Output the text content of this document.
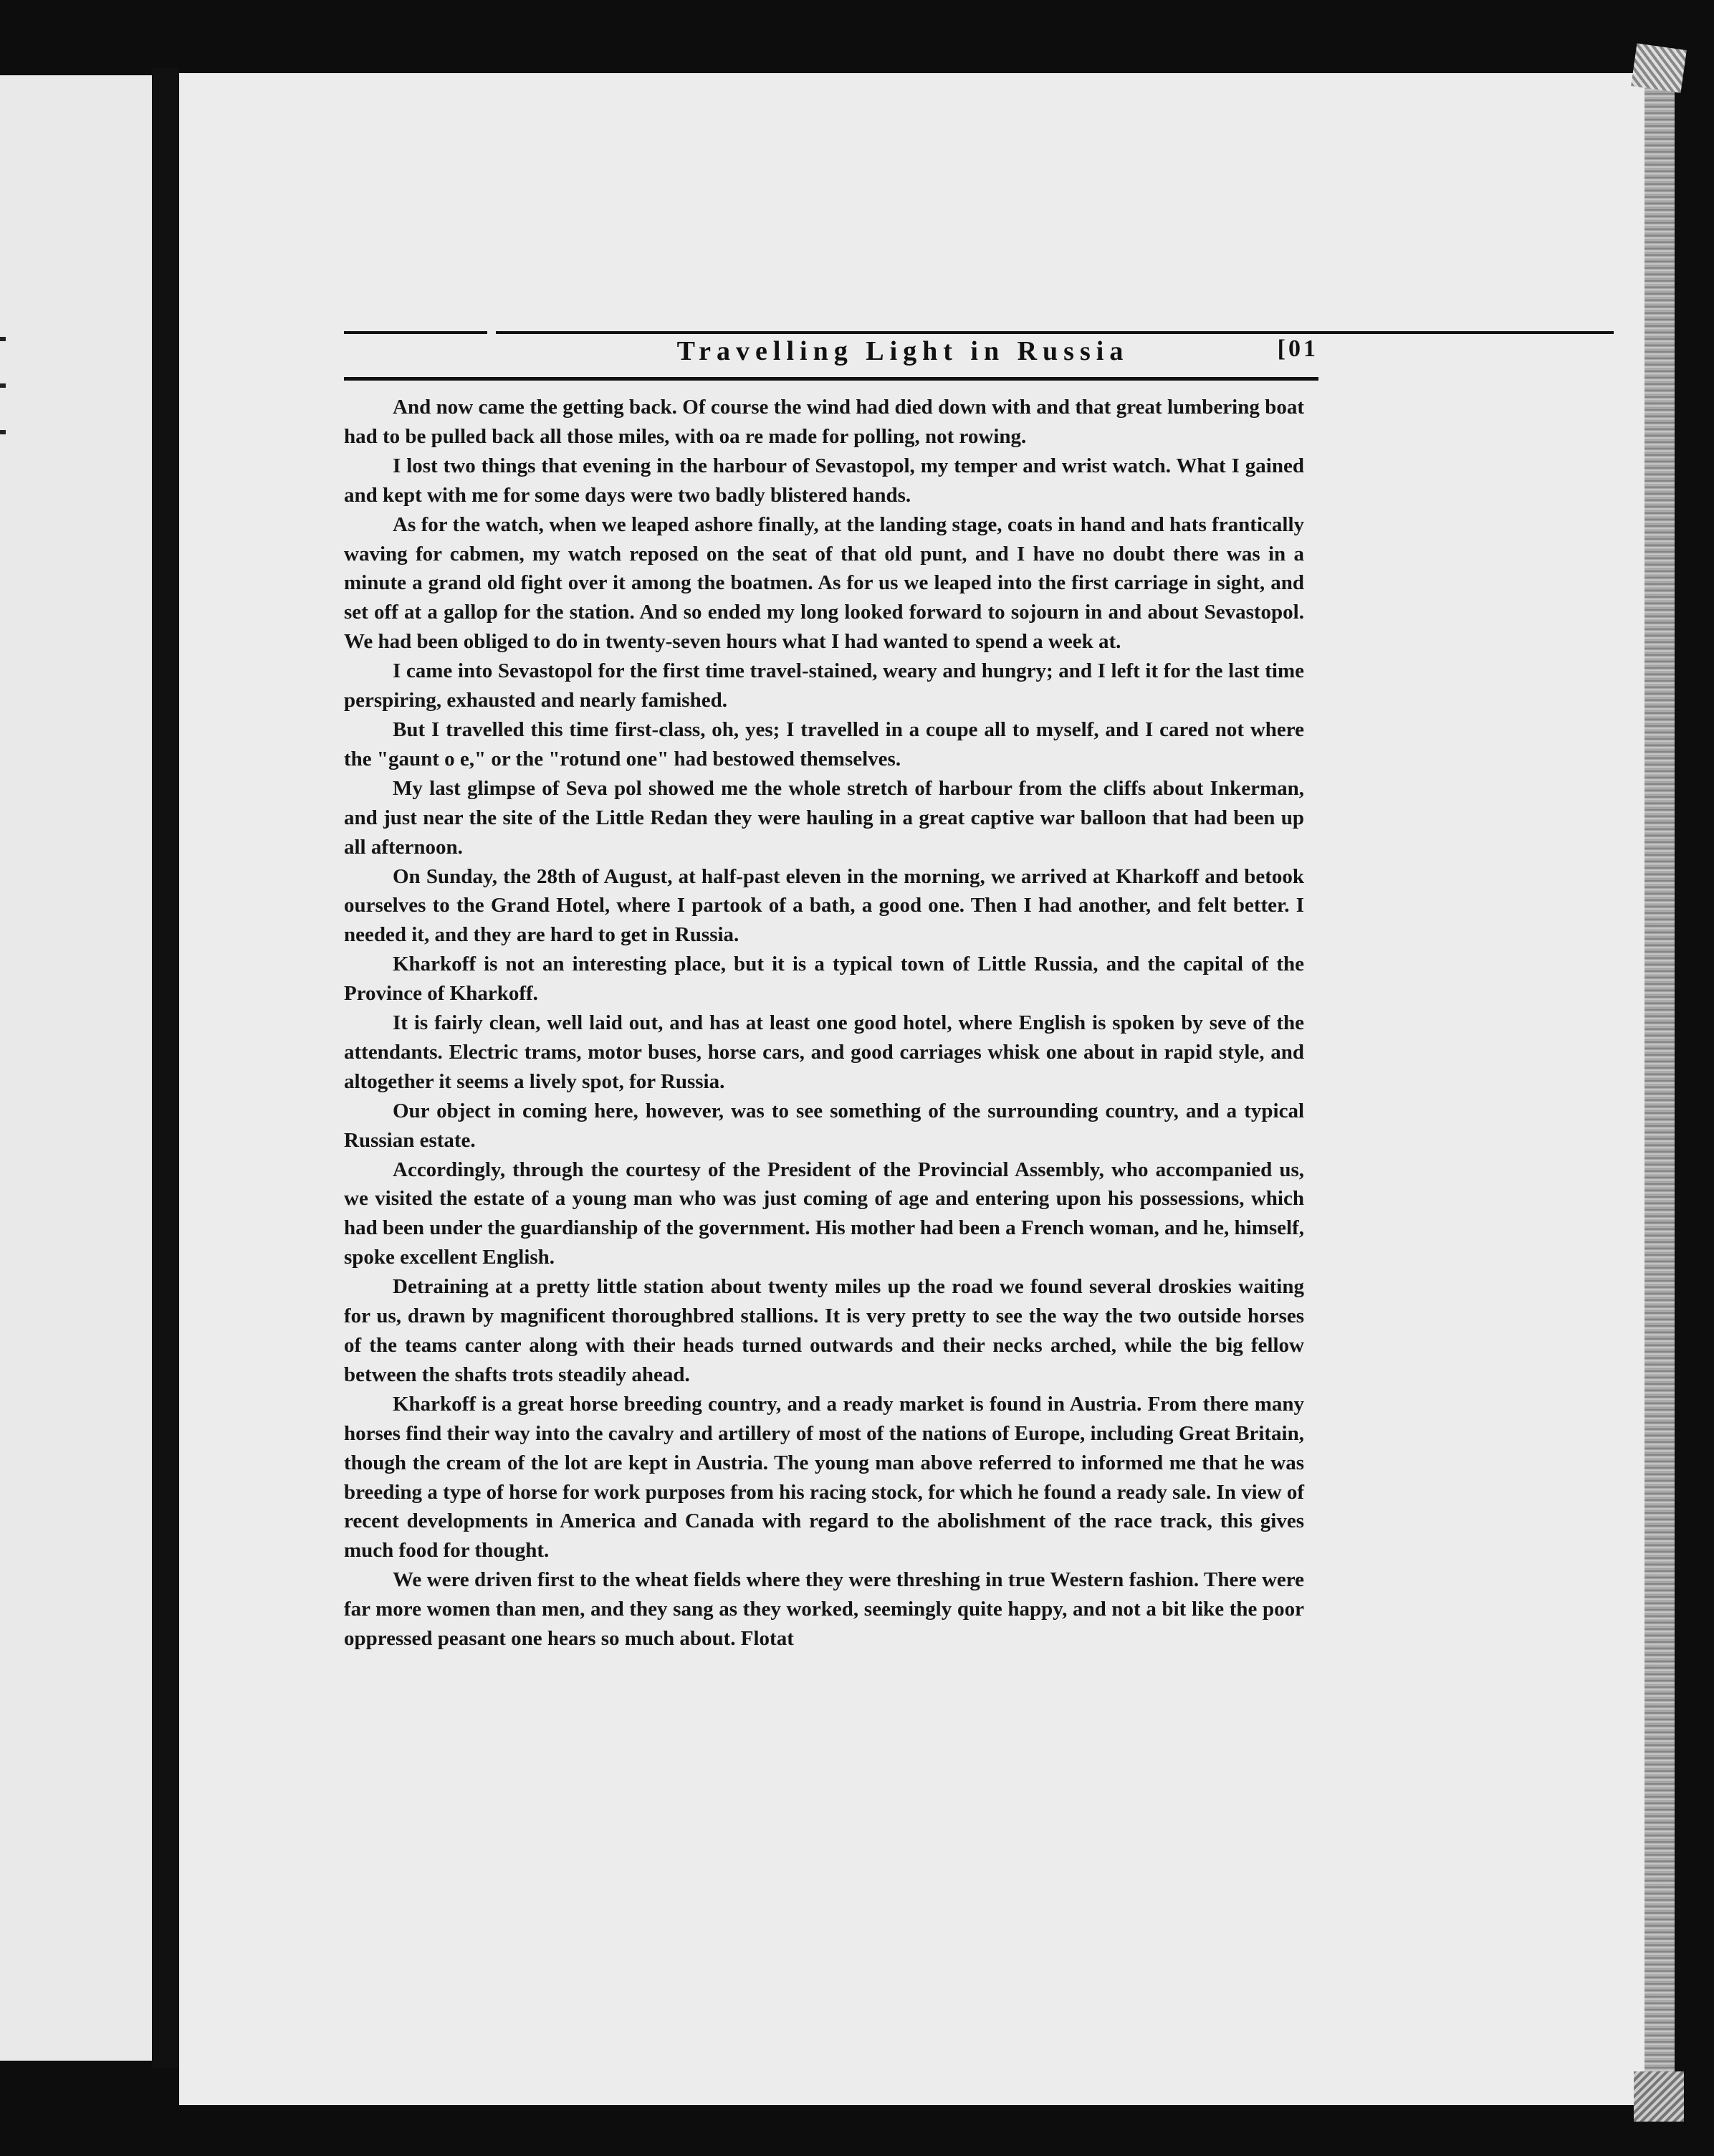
Travelling Light in Russia	[01

And now came the getting back. Of course the wind had died down with and that great lumbering boat had to be pulled back all those miles, with oa re made for polling, not rowing.

I lost two things that evening in the harbour of Sevastopol, my temper and wrist watch. What I gained and kept with me for some days were two badly blistered hands.

As for the watch, when we leaped ashore finally, at the landing stage, coats in hand and hats frantically waving for cabmen, my watch reposed on the seat of that old punt, and I have no doubt there was in a minute a grand old fight over it among the boatmen. As for us we leaped into the first carriage in sight, and set off at a gallop for the station. And so ended my long looked forward to sojourn in and about Sevastopol. We had been obliged to do in twenty-seven hours what I had wanted to spend a week at.

I came into Sevastopol for the first time travel-stained, weary and hungry; and I left it for the last time perspiring, exhausted and nearly famished.

But I travelled this time first-class, oh, yes; I travelled in a coupe all to myself, and I cared not where the "gaunt o e," or the "rotund one" had bestowed themselves.

My last glimpse of Seva pol showed me the whole stretch of harbour from the cliffs about Inkerman, and just near the site of the Little Redan they were hauling in a great captive war balloon that had been up all afternoon.

On Sunday, the 28th of August, at half-past eleven in the morning, we arrived at Kharkoff and betook ourselves to the Grand Hotel, where I partook of a bath, a good one. Then I had another, and felt better. I needed it, and they are hard to get in Russia.

Kharkoff is not an interesting place, but it is a typical town of Little Russia, and the capital of the Province of Kharkoff.

It is fairly clean, well laid out, and has at least one good hotel, where English is spoken by seve of the attendants. Electric trams, motor buses, horse cars, and good carriages whisk one about in rapid style, and altogether it seems a lively spot, for Russia.

Our object in coming here, however, was to see something of the surrounding country, and a typical Russian estate.

Accordingly, through the courtesy of the President of the Provincial Assembly, who accompanied us, we visited the estate of a young man who was just coming of age and entering upon his possessions, which had been under the guardianship of the government. His mother had been a French woman, and he, himself, spoke excellent English.

Detraining at a pretty little station about twenty miles up the road we found several droskies waiting for us, drawn by magnificent thoroughbred stallions. It is very pretty to see the way the two outside horses of the teams canter along with their heads turned outwards and their necks arched, while the big fellow between the shafts trots steadily ahead.

Kharkoff is a great horse breeding country, and a ready market is found in Austria. From there many horses find their way into the cavalry and artillery of most of the nations of Europe, including Great Britain, though the cream of the lot are kept in Austria. The young man above referred to informed me that he was breeding a type of horse for work purposes from his racing stock, for which he found a ready sale. In view of recent developments in America and Canada with regard to the abolishment of the race track, this gives much food for thought.

We were driven first to the wheat fields where they were threshing in true Western fashion. There were far more women than men, and they sang as they worked, seemingly quite happy, and not a bit like the poor oppressed peasant one hears so much about. Flotat
